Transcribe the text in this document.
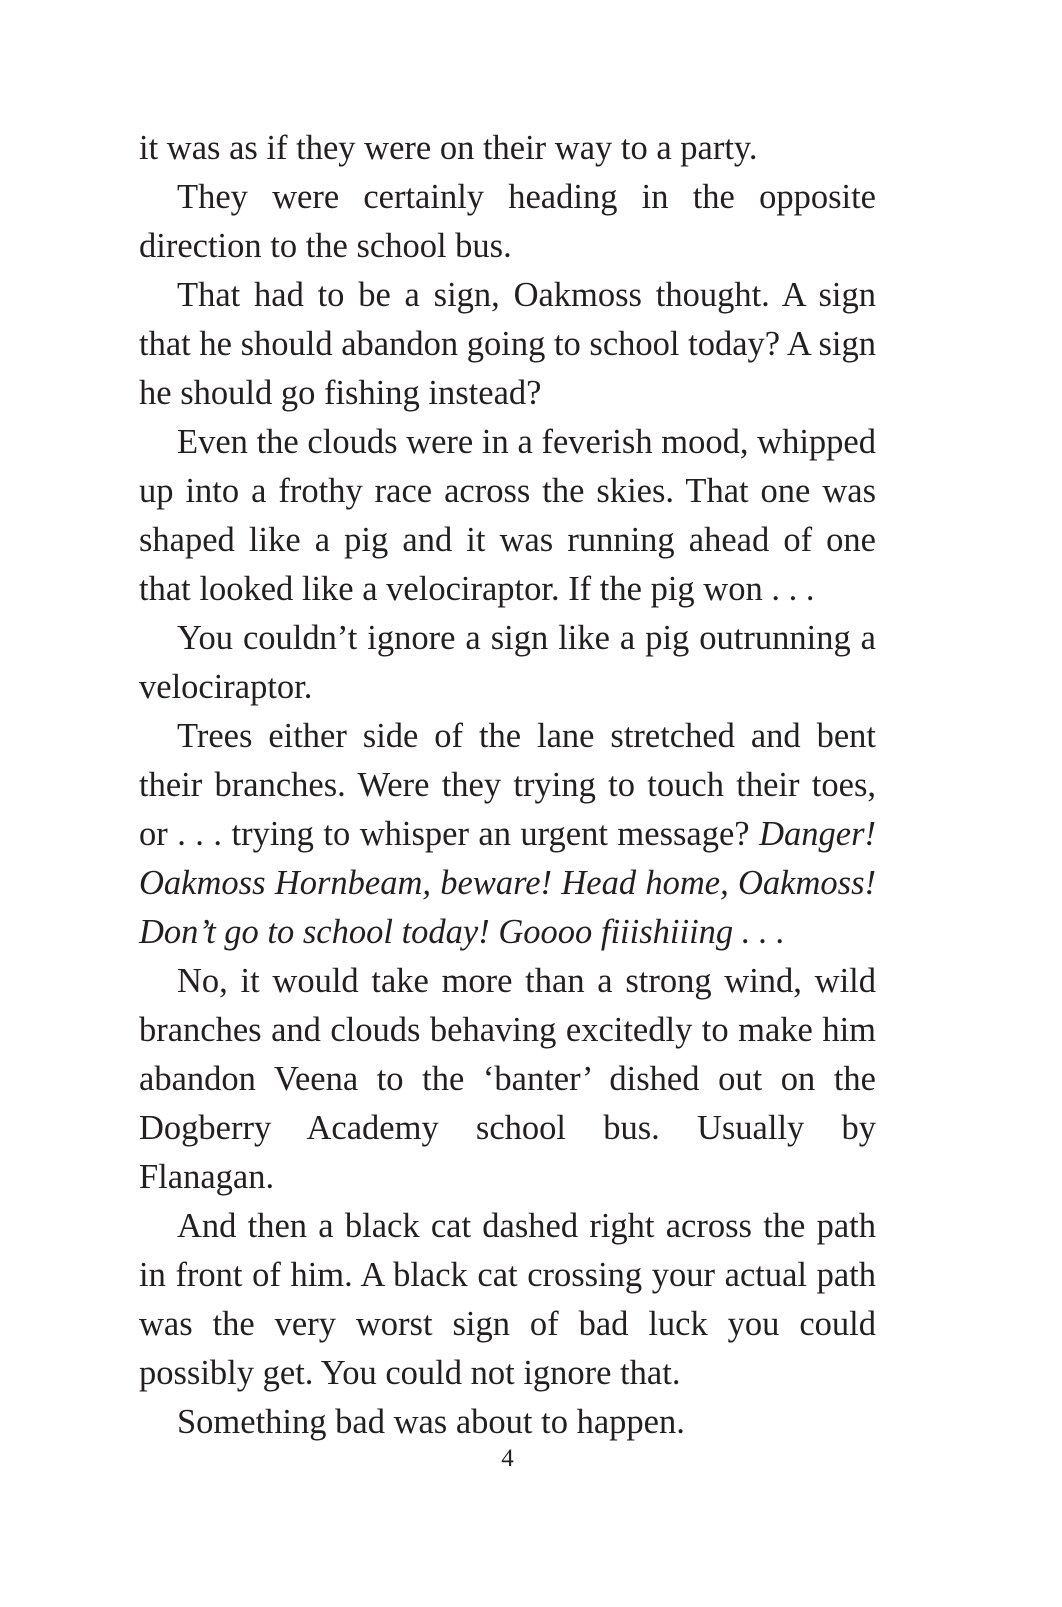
it was as if they were on their way to a party.

They were certainly heading in the opposite direction to the school bus.

That had to be a sign, Oakmoss thought. A sign that he should abandon going to school today? A sign he should go fishing instead?

Even the clouds were in a feverish mood, whipped up into a frothy race across the skies. That one was shaped like a pig and it was running ahead of one that looked like a velociraptor. If the pig won . . .

You couldn’t ignore a sign like a pig outrunning a velociraptor.

Trees either side of the lane stretched and bent their branches. Were they trying to touch their toes, or . . . trying to whisper an urgent message? Danger! Oakmoss Hornbeam, beware! Head home, Oakmoss! Don’t go to school today! Goooo fiiishiiing . . .

No, it would take more than a strong wind, wild branches and clouds behaving excitedly to make him abandon Veena to the ‘banter’ dished out on the Dogberry Academy school bus. Usually by Flanagan.

And then a black cat dashed right across the path in front of him. A black cat crossing your actual path was the very worst sign of bad luck you could possibly get. You could not ignore that.

Something bad was about to happen.

4
